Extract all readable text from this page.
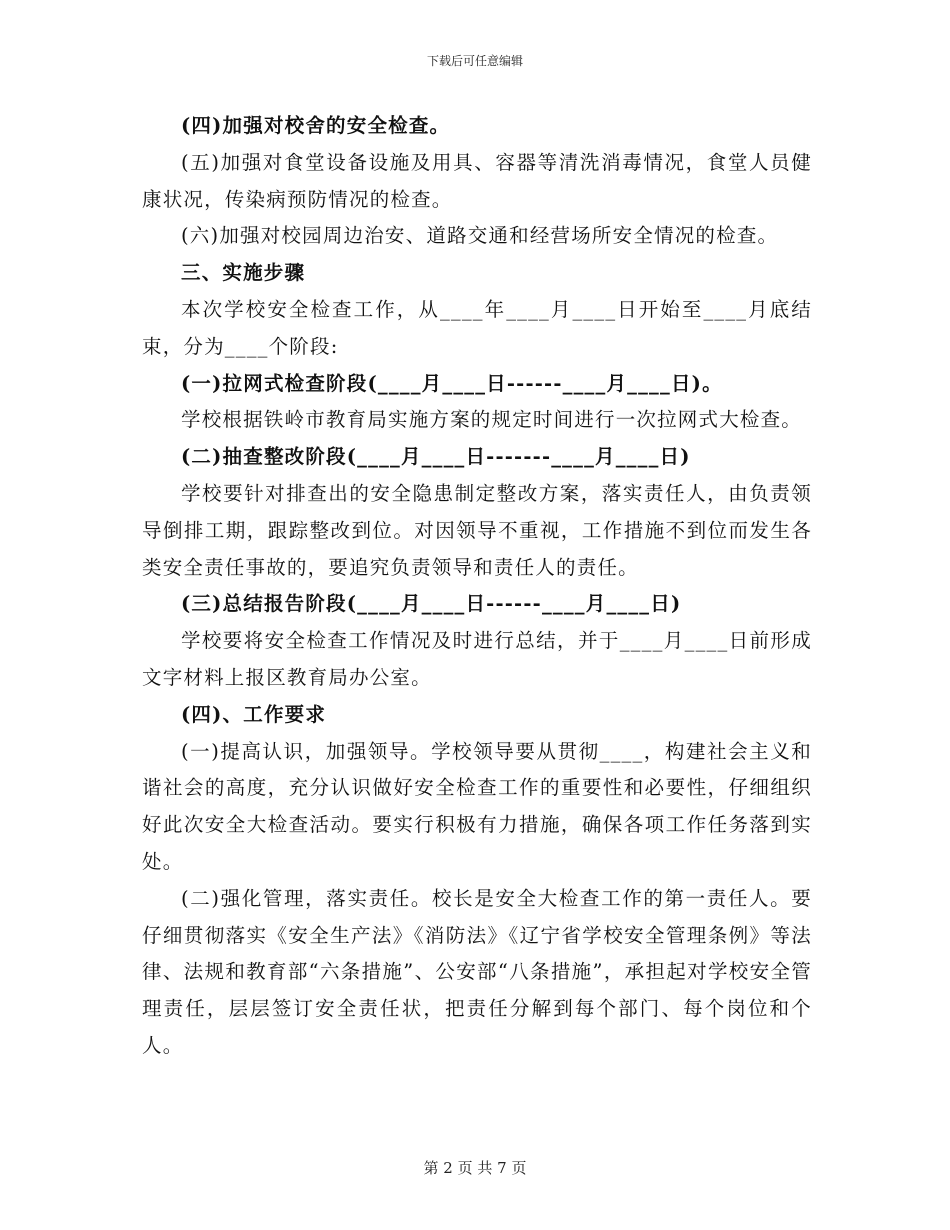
下载后可任意编辑

(四)加强对校舍的安全检查。

(五)加强对食堂设备设施及用具、容器等清洗消毒情况，食堂人员健康状况，传染病预防情况的检查。

(六)加强对校园周边治安、道路交通和经营场所安全情况的检查。

三、实施步骤

本次学校安全检查工作，从____年____月____日开始至____月底结束，分为____个阶段:

(一)拉网式检查阶段(____月____日------____月____日)。

学校根据铁岭市教育局实施方案的规定时间进行一次拉网式大检查。

(二)抽查整改阶段(____月____日-------____月____日)

学校要针对排查出的安全隐患制定整改方案，落实责任人，由负责领导倒排工期，跟踪整改到位。对因领导不重视，工作措施不到位而发生各类安全责任事故的，要追究负责领导和责任人的责任。

(三)总结报告阶段(____月____日------____月____日)

学校要将安全检查工作情况及时进行总结，并于____月____日前形成文字材料上报区教育局办公室。

(四)、工作要求

(一)提高认识，加强领导。学校领导要从贯彻____，构建社会主义和谐社会的高度，充分认识做好安全检查工作的重要性和必要性，仔细组织好此次安全大检查活动。要实行积极有力措施，确保各项工作任务落到实处。

(二)强化管理，落实责任。校长是安全大检查工作的第一责任人。要仔细贯彻落实《安全生产法》《消防法》《辽宁省学校安全管理条例》等法律、法规和教育部“六条措施”、公安部“八条措施”，承担起对学校安全管理责任，层层签订安全责任状，把责任分解到每个部门、每个岗位和个人。

第 2 页 共 7 页
